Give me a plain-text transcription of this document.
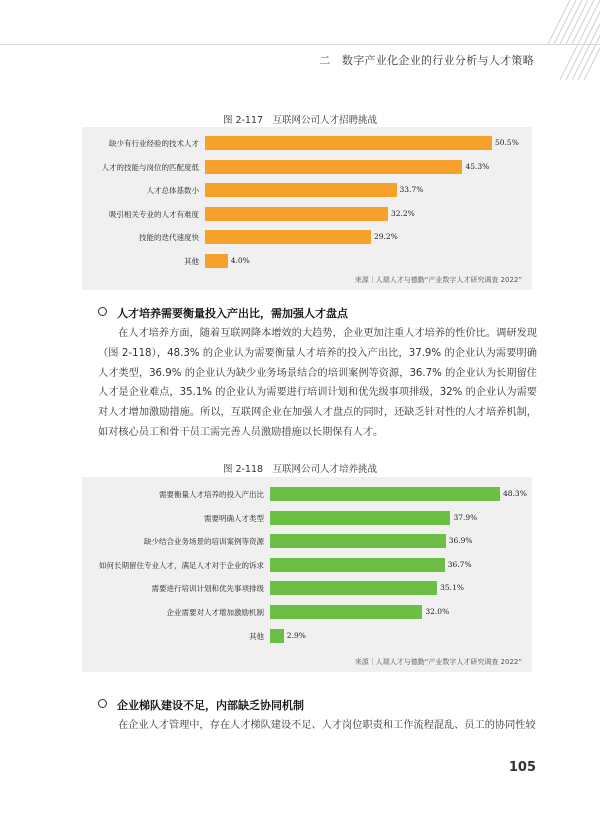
二　数字产业化企业的行业分析与人才策略
图 2-117　互联网公司人才招聘挑战
来源｜人瑞人才与德勤“产业数字人才研究调查 2022”
缺少有行业经验的技术人才	50.5%
人才的技能与岗位的匹配度低	45.3%
人才总体基数小	33.7%
吸引相关专业的人才有难度	32.2%
技能的迭代速度快	29.2%
其他	4.0%
人才培养需要衡量投入产出比，需加强人才盘点

在人才培养方面，随着互联网降本增效的大趋势，企业更加注重人才培养的性价比。调研发现（图 2-118），48.3% 的企业认为需要衡量人才培养的投入产出比，37.9% 的企业认为需要明确人才类型，36.9% 的企业认为缺少业务场景结合的培训案例等资源，36.7% 的企业认为长期留住人才是企业难点，35.1% 的企业认为需要进行培训计划和优先级事项排级，32% 的企业认为需要对人才增加激励措施。所以，互联网企业在加强人才盘点的同时，还缺乏针对性的人才培养机制，如对核心员工和骨干员工需完善人员激励措施以长期保有人才。

图 2-118　互联网公司人才培养挑战
来源｜人瑞人才与德勤“产业数字人才研究调查 2022”
需要衡量人才培养的投入产出比	48.3%
需要明确人才类型	37.9%
缺少结合业务场景的培训案例等资源	36.9%
如何长期留住专业人才，满足人才对于企业的诉求	36.7%
需要进行培训计划和优先事项排级	35.1%
企业需要对人才增加激励机制	32.0%
其他	2.9%
企业梯队建设不足，内部缺乏协同机制

在企业人才管理中，存在人才梯队建设不足、人才岗位职责和工作流程混乱、员工的协同性较

105
